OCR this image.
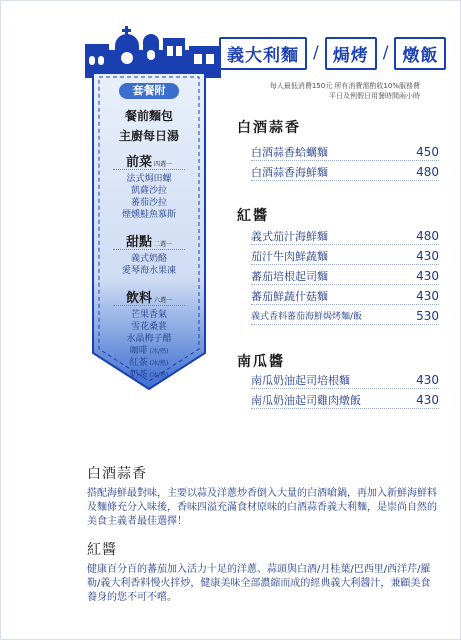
義大利麵 / 焗烤 / 燉飯
每人最低消費150元 所有消費需酌收10%服務費
平日及例假日用餐時間兩小時
套餐附
餐前麵包
主廚每日湯
前菜 四選一
法式焗田螺
凱薩沙拉
蕃茄沙拉
煙燻鮭魚慕斯
甜點 二選一
義式奶酪
愛琴海水果凍
飲料 六選一
芒果香氣
雪花桑葚
水晶梅子醋
咖啡 (冰/熱)
紅茶 (冰/熱)
奶茶 (冰/熱)
白酒蒜香
白酒蒜香蛤蠣麵	450
白酒蒜香海鮮麵	480
紅醬
義式茄汁海鮮麵	480
茄汁牛肉鮮蔬麵	430
蕃茄培根起司麵	430
蕃茄鮮蔬什菇麵	430
義式香料蕃茄海鮮焗烤麵/飯	530
南瓜醬
南瓜奶油起司培根麵	430
南瓜奶油起司雞肉燉飯	430
白酒蒜香
搭配海鮮最對味，主要以蒜及洋蔥炒香倒入大量的白酒嗆鍋，再加入新鮮海鮮料及麵條充分入味後，香味四溢充滿食材原味的白酒蒜香義大利麵，是崇尚自然的美食主義者最佳選擇！
紅醬
健康百分百的蕃茄加入活力十足的洋蔥、蒜頭與白酒/月桂葉/巴西里/西洋芹/羅勒/義大利香料慢火拌炒，健康美味全部濃縮而成的經典義大利醬汁，兼顧美食養身的您不可不嚐。
